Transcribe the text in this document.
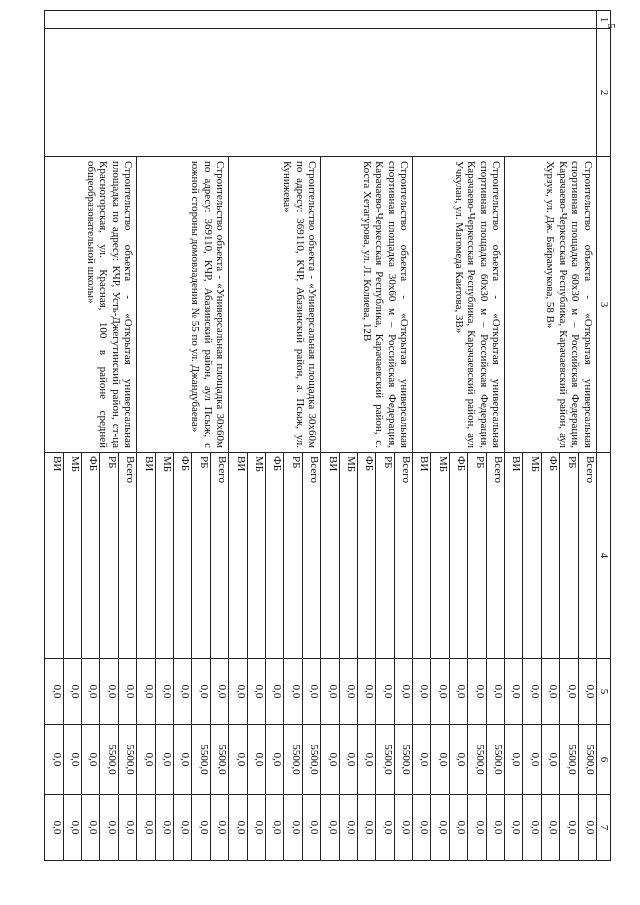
5
1	2	3	4	5	6	7
		Строительство объекта - «Открытая универсальная спортивная площадка 60х30 м – Российская Федерация, Карачаево-Черкесская Республика, Карачаевский район, аул Хурзук, ул. Дж. Байрамукова, 58 В»	Всего	0,0	5500,0	0,0
			РБ	0,0	5500,0	0,0
			ФБ	0,0	0,0	0,0
			МБ	0,0	0,0	0,0
			ВИ	0,0	0,0	0,0
		Строительство объекта - «Открытая универсальная спортивная площадка 60х30 м – Российская Федерация, Карачаево-Черкесская Республика, Карачаевский район, аул Учкулан, ул. Магомеда Каитова, 3В»	Всего	0,0	5500,0	0,0
			РБ	0,0	5500,0	0,0
			ФБ	0,0	0,0	0,0
			МБ	0,0	0,0	0,0
			ВИ	0,0	0,0	0,0
		Строительство объекта - «Открытая универсальная спортивная площадка 30х60 м – Российская Федерация, Карачаево-Черкесская Республика, Карачаевский район, с. Коста Хетагурова, ул. Л. Колиева, 12В	Всего	0,0	5500,0	0,0
			РБ	0,0	5500,0	0,0
			ФБ	0,0	0,0	0,0
			МБ	0,0	0,0	0,0
			ВИ	0,0	0,0	0,0
		Строительство объекта - «Универсальная площадка 30х60м по адресу: 369110, КЧР, Абазинский район, а. Псыж, ул. Кунижева»	Всего	0,0	5500,0	0,0
			РБ	0,0	5500,0	0,0
			ФБ	0,0	0,0	0,0
			МБ	0,0	0,0	0,0
			ВИ	0,0	0,0	0,0
		Строительство объекта - «Универсальная площадка 30х60м по адресу: 369110, КЧР, Абазинский район, аул Псыж, с южной стороны домовладения № 55 по ул. Джандубаева»	Всего	0,0	5500,0	0,0
			РБ	0,0	5500,0	0,0
			ФБ	0,0	0,0	0,0
			МБ	0,0	0,0	0,0
			ВИ	0,0	0,0	0,0
		Строительство объекта - «Открытая универсальная площадка по адресу: КЧР, Усть-Джегутинский район, ст-ца Красногорская, ул. Красная, 100 в районе средней общеобразовательной школы»	Всего	0,0	5500,0	0,0
			РБ	0,0	5500,0	0,0
			ФБ	0,0	0,0	0,0
			МБ	0,0	0,0	0,0
			ВИ	0,0	0,0	0,0
